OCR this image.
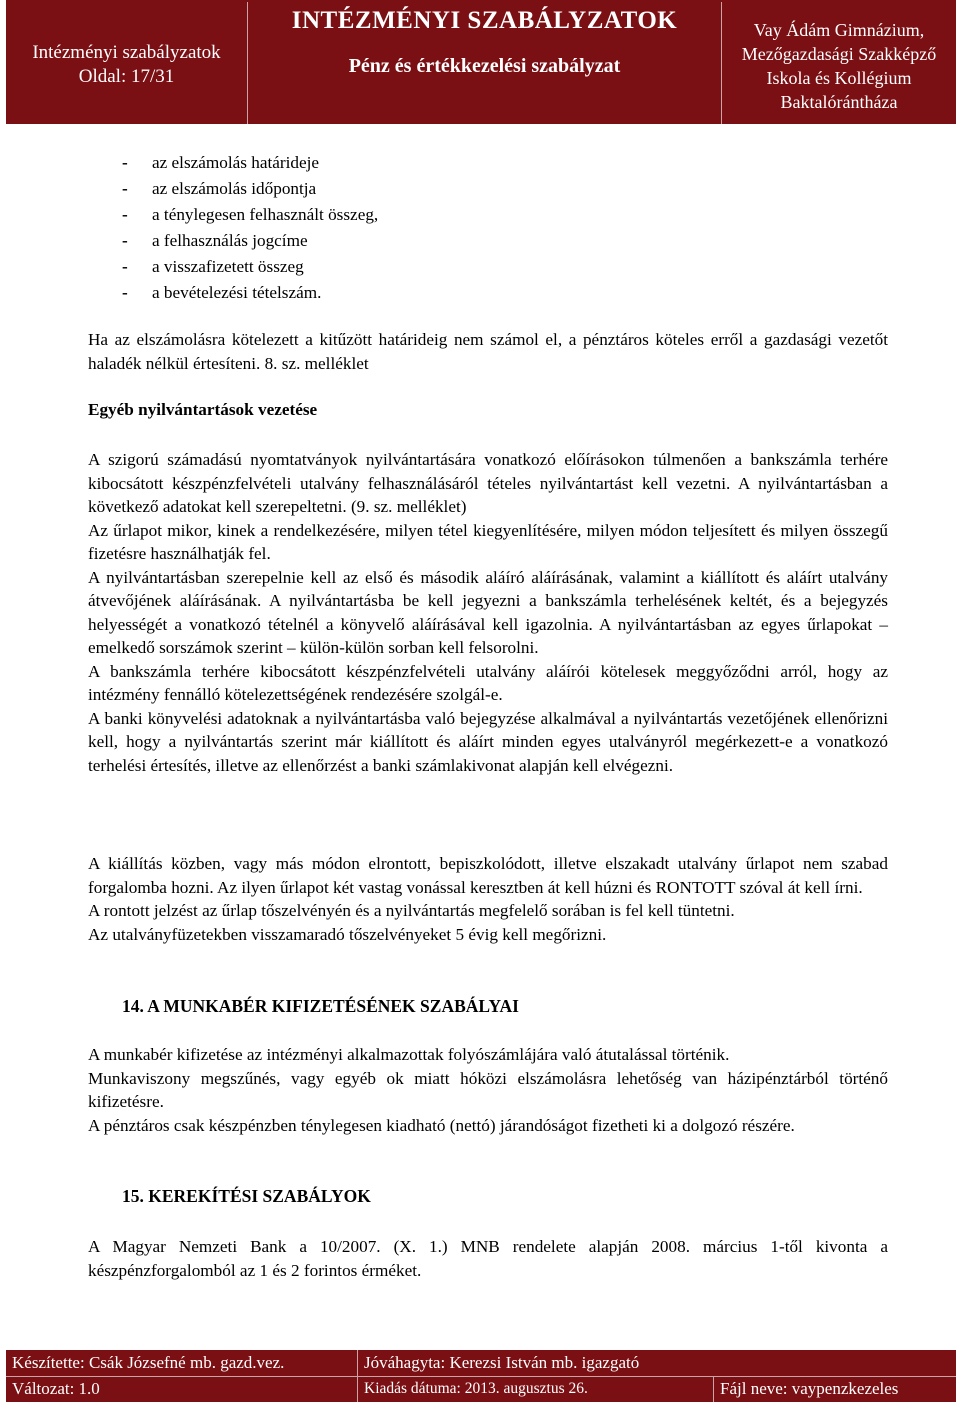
Intézményi szabályzatok
Oldal: 17/31
INTÉZMÉNYI SZABÁLYZATOK
Pénz és értékkezelési szabályzat
Vay Ádám Gimnázium,
Mezőgazdasági Szakképző
Iskola és Kollégium
Baktalórántháza
- az elszámolás határideje
- az elszámolás időpontja
- a ténylegesen felhasznált összeg,
- a felhasználás jogcíme
- a visszafizetett összeg
- a bevételezési tételszám.

Ha az elszámolásra kötelezett a kitűzött határideig nem számol el, a pénztáros köteles erről a gazdasági vezetőt haladék nélkül értesíteni. 8. sz. melléklet

Egyéb nyilvántartások vezetése

A szigorú számadású nyomtatványok nyilvántartására vonatkozó előírásokon túlmenően a bankszámla terhére kibocsátott készpénzfelvételi utalvány felhasználásáról tételes nyilvántartást kell vezetni. A nyilvántartásban a következő adatokat kell szerepeltetni. (9. sz. melléklet)

Az űrlapot mikor, kinek a rendelkezésére, milyen tétel kiegyenlítésére, milyen módon teljesített és milyen összegű fizetésre használhatják fel.

A nyilvántartásban szerepelnie kell az első és második aláíró aláírásának, valamint a kiállított és aláírt utalvány átvevőjének aláírásának. A nyilvántartásba be kell jegyezni a bankszámla terhelésének keltét, és a bejegyzés helyességét a vonatkozó tételnél a könyvelő aláírásával kell igazolnia. A nyilvántartásban az egyes űrlapokat – emelkedő sorszámok szerint – külön-külön sorban kell felsorolni.

A bankszámla terhére kibocsátott készpénzfelvételi utalvány aláírói kötelesek meggyőződni arról, hogy az intézmény fennálló kötelezettségének rendezésére szolgál-e.

A banki könyvelési adatoknak a nyilvántartásba való bejegyzése alkalmával a nyilvántartás vezetőjének ellenőrizni kell, hogy a nyilvántartás szerint már kiállított és aláírt minden egyes utalványról megérkezett-e a vonatkozó terhelési értesítés, illetve az ellenőrzést a banki számlakivonat alapján kell elvégezni.

A kiállítás közben, vagy más módon elrontott, bepiszkolódott, illetve elszakadt utalvány űrlapot nem szabad forgalomba hozni. Az ilyen űrlapot két vastag vonással keresztben át kell húzni és RONTOTT szóval át kell írni.

A rontott jelzést az űrlap tőszelvényén és a nyilvántartás megfelelő sorában is fel kell tüntetni.

Az utalványfüzetekben visszamaradó tőszelvényeket 5 évig kell megőrizni.

14. A MUNKABÉR KIFIZETÉSÉNEK SZABÁLYAI

A munkabér kifizetése az intézményi alkalmazottak folyószámlájára való átutalással történik.

Munkaviszony megszűnés, vagy egyéb ok miatt hóközi elszámolásra lehetőség van házipénztárból történő kifizetésre.

A pénztáros csak készpénzben ténylegesen kiadható (nettó) járandóságot fizetheti ki a dolgozó részére.

15. KEREKÍTÉSI SZABÁLYOK

A Magyar Nemzeti Bank a 10/2007. (X. 1.) MNB rendelete alapján 2008. március 1-től kivonta a készpénzforgalomból az 1 és 2 forintos érméket.

Készítette: Csák Józsefné mb. gazd.vez.	Jóváhagyta: Kerezsi István mb. igazgató
Változat: 1.0	Kiadás dátuma: 2013. augusztus 26.	Fájl neve: vaypenzkezeles
